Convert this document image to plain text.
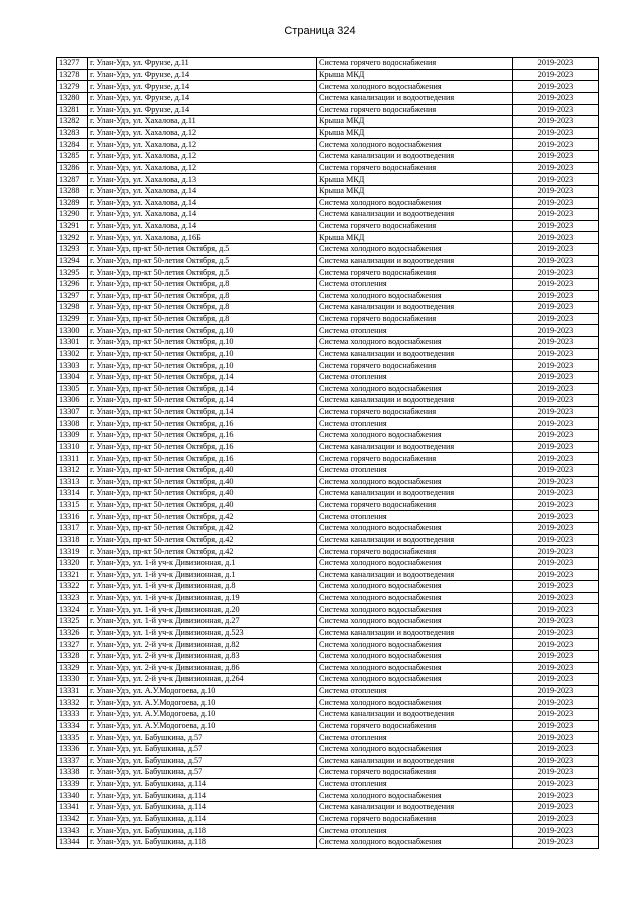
Страница 324
13277	г. Улан-Удэ, ул. Фрунзе, д.11	Система горячего водоснабжения	2019-2023
13278	г. Улан-Удэ, ул. Фрунзе, д.14	Крыша МКД	2019-2023
13279	г. Улан-Удэ, ул. Фрунзе, д.14	Система холодного водоснабжения	2019-2023
13280	г. Улан-Удэ, ул. Фрунзе, д.14	Система канализации и водоотведения	2019-2023
13281	г. Улан-Удэ, ул. Фрунзе, д.14	Система горячего водоснабжения	2019-2023
13282	г. Улан-Удэ, ул. Хахалова, д.11	Крыша МКД	2019-2023
13283	г. Улан-Удэ, ул. Хахалова, д.12	Крыша МКД	2019-2023
13284	г. Улан-Удэ, ул. Хахалова, д.12	Система холодного водоснабжения	2019-2023
13285	г. Улан-Удэ, ул. Хахалова, д.12	Система канализации и водоотведения	2019-2023
13286	г. Улан-Удэ, ул. Хахалова, д.12	Система горячего водоснабжения	2019-2023
13287	г. Улан-Удэ, ул. Хахалова, д.13	Крыша МКД	2019-2023
13288	г. Улан-Удэ, ул. Хахалова, д.14	Крыша МКД	2019-2023
13289	г. Улан-Удэ, ул. Хахалова, д.14	Система холодного водоснабжения	2019-2023
13290	г. Улан-Удэ, ул. Хахалова, д.14	Система канализации и водоотведения	2019-2023
13291	г. Улан-Удэ, ул. Хахалова, д.14	Система горячего водоснабжения	2019-2023
13292	г. Улан-Удэ, ул. Хахалова, д.16Б	Крыша МКД	2019-2023
13293	г. Улан-Удэ, пр-кт 50-летия Октября, д.5	Система холодного водоснабжения	2019-2023
13294	г. Улан-Удэ, пр-кт 50-летия Октября, д.5	Система канализации и водоотведения	2019-2023
13295	г. Улан-Удэ, пр-кт 50-летия Октября, д.5	Система горячего водоснабжения	2019-2023
13296	г. Улан-Удэ, пр-кт 50-летия Октября, д.8	Система отопления	2019-2023
13297	г. Улан-Удэ, пр-кт 50-летия Октября, д.8	Система холодного водоснабжения	2019-2023
13298	г. Улан-Удэ, пр-кт 50-летия Октября, д.8	Система канализации и водоотведения	2019-2023
13299	г. Улан-Удэ, пр-кт 50-летия Октября, д.8	Система горячего водоснабжения	2019-2023
13300	г. Улан-Удэ, пр-кт 50-летия Октября, д.10	Система отопления	2019-2023
13301	г. Улан-Удэ, пр-кт 50-летия Октября, д.10	Система холодного водоснабжения	2019-2023
13302	г. Улан-Удэ, пр-кт 50-летия Октября, д.10	Система канализации и водоотведения	2019-2023
13303	г. Улан-Удэ, пр-кт 50-летия Октября, д.10	Система горячего водоснабжения	2019-2023
13304	г. Улан-Удэ, пр-кт 50-летия Октября, д.14	Система отопления	2019-2023
13305	г. Улан-Удэ, пр-кт 50-летия Октября, д.14	Система холодного водоснабжения	2019-2023
13306	г. Улан-Удэ, пр-кт 50-летия Октября, д.14	Система канализации и водоотведения	2019-2023
13307	г. Улан-Удэ, пр-кт 50-летия Октября, д.14	Система горячего водоснабжения	2019-2023
13308	г. Улан-Удэ, пр-кт 50-летия Октября, д.16	Система отопления	2019-2023
13309	г. Улан-Удэ, пр-кт 50-летия Октября, д.16	Система холодного водоснабжения	2019-2023
13310	г. Улан-Удэ, пр-кт 50-летия Октября, д.16	Система канализации и водоотведения	2019-2023
13311	г. Улан-Удэ, пр-кт 50-летия Октября, д.16	Система горячего водоснабжения	2019-2023
13312	г. Улан-Удэ, пр-кт 50-летия Октября, д.40	Система отопления	2019-2023
13313	г. Улан-Удэ, пр-кт 50-летия Октября, д.40	Система холодного водоснабжения	2019-2023
13314	г. Улан-Удэ, пр-кт 50-летия Октября, д.40	Система канализации и водоотведения	2019-2023
13315	г. Улан-Удэ, пр-кт 50-летия Октября, д.40	Система горячего водоснабжения	2019-2023
13316	г. Улан-Удэ, пр-кт 50-летия Октября, д.42	Система отопления	2019-2023
13317	г. Улан-Удэ, пр-кт 50-летия Октября, д.42	Система холодного водоснабжения	2019-2023
13318	г. Улан-Удэ, пр-кт 50-летия Октября, д.42	Система канализации и водоотведения	2019-2023
13319	г. Улан-Удэ, пр-кт 50-летия Октября, д.42	Система горячего водоснабжения	2019-2023
13320	г. Улан-Удэ, ул. 1-й уч-к Дивизионная, д.1	Система холодного водоснабжения	2019-2023
13321	г. Улан-Удэ, ул. 1-й уч-к Дивизионная, д.1	Система канализации и водоотведения	2019-2023
13322	г. Улан-Удэ, ул. 1-й уч-к Дивизионная, д.8	Система холодного водоснабжения	2019-2023
13323	г. Улан-Удэ, ул. 1-й уч-к Дивизионная, д.19	Система холодного водоснабжения	2019-2023
13324	г. Улан-Удэ, ул. 1-й уч-к Дивизионная, д.20	Система холодного водоснабжения	2019-2023
13325	г. Улан-Удэ, ул. 1-й уч-к Дивизионная, д.27	Система холодного водоснабжения	2019-2023
13326	г. Улан-Удэ, ул. 1-й уч-к Дивизионная, д.523	Система канализации и водоотведения	2019-2023
13327	г. Улан-Удэ, ул. 2-й уч-к Дивизионная, д.82	Система холодного водоснабжения	2019-2023
13328	г. Улан-Удэ, ул. 2-й уч-к Дивизионная, д.83	Система холодного водоснабжения	2019-2023
13329	г. Улан-Удэ, ул. 2-й уч-к Дивизионная, д.86	Система холодного водоснабжения	2019-2023
13330	г. Улан-Удэ, ул. 2-й уч-к Дивизионная, д.264	Система холодного водоснабжения	2019-2023
13331	г. Улан-Удэ, ул. А.У.Модогоева, д.10	Система отопления	2019-2023
13332	г. Улан-Удэ, ул. А.У.Модогоева, д.10	Система холодного водоснабжения	2019-2023
13333	г. Улан-Удэ, ул. А.У.Модогоева, д.10	Система канализации и водоотведения	2019-2023
13334	г. Улан-Удэ, ул. А.У.Модогоева, д.10	Система горячего водоснабжения	2019-2023
13335	г. Улан-Удэ, ул. Бабушкина, д.57	Система отопления	2019-2023
13336	г. Улан-Удэ, ул. Бабушкина, д.57	Система холодного водоснабжения	2019-2023
13337	г. Улан-Удэ, ул. Бабушкина, д.57	Система канализации и водоотведения	2019-2023
13338	г. Улан-Удэ, ул. Бабушкина, д.57	Система горячего водоснабжения	2019-2023
13339	г. Улан-Удэ, ул. Бабушкина, д.114	Система отопления	2019-2023
13340	г. Улан-Удэ, ул. Бабушкина, д.114	Система холодного водоснабжения	2019-2023
13341	г. Улан-Удэ, ул. Бабушкина, д.114	Система канализации и водоотведения	2019-2023
13342	г. Улан-Удэ, ул. Бабушкина, д.114	Система горячего водоснабжения	2019-2023
13343	г. Улан-Удэ, ул. Бабушкина, д.118	Система отопления	2019-2023
13344	г. Улан-Удэ, ул. Бабушкина, д.118	Система холодного водоснабжения	2019-2023
